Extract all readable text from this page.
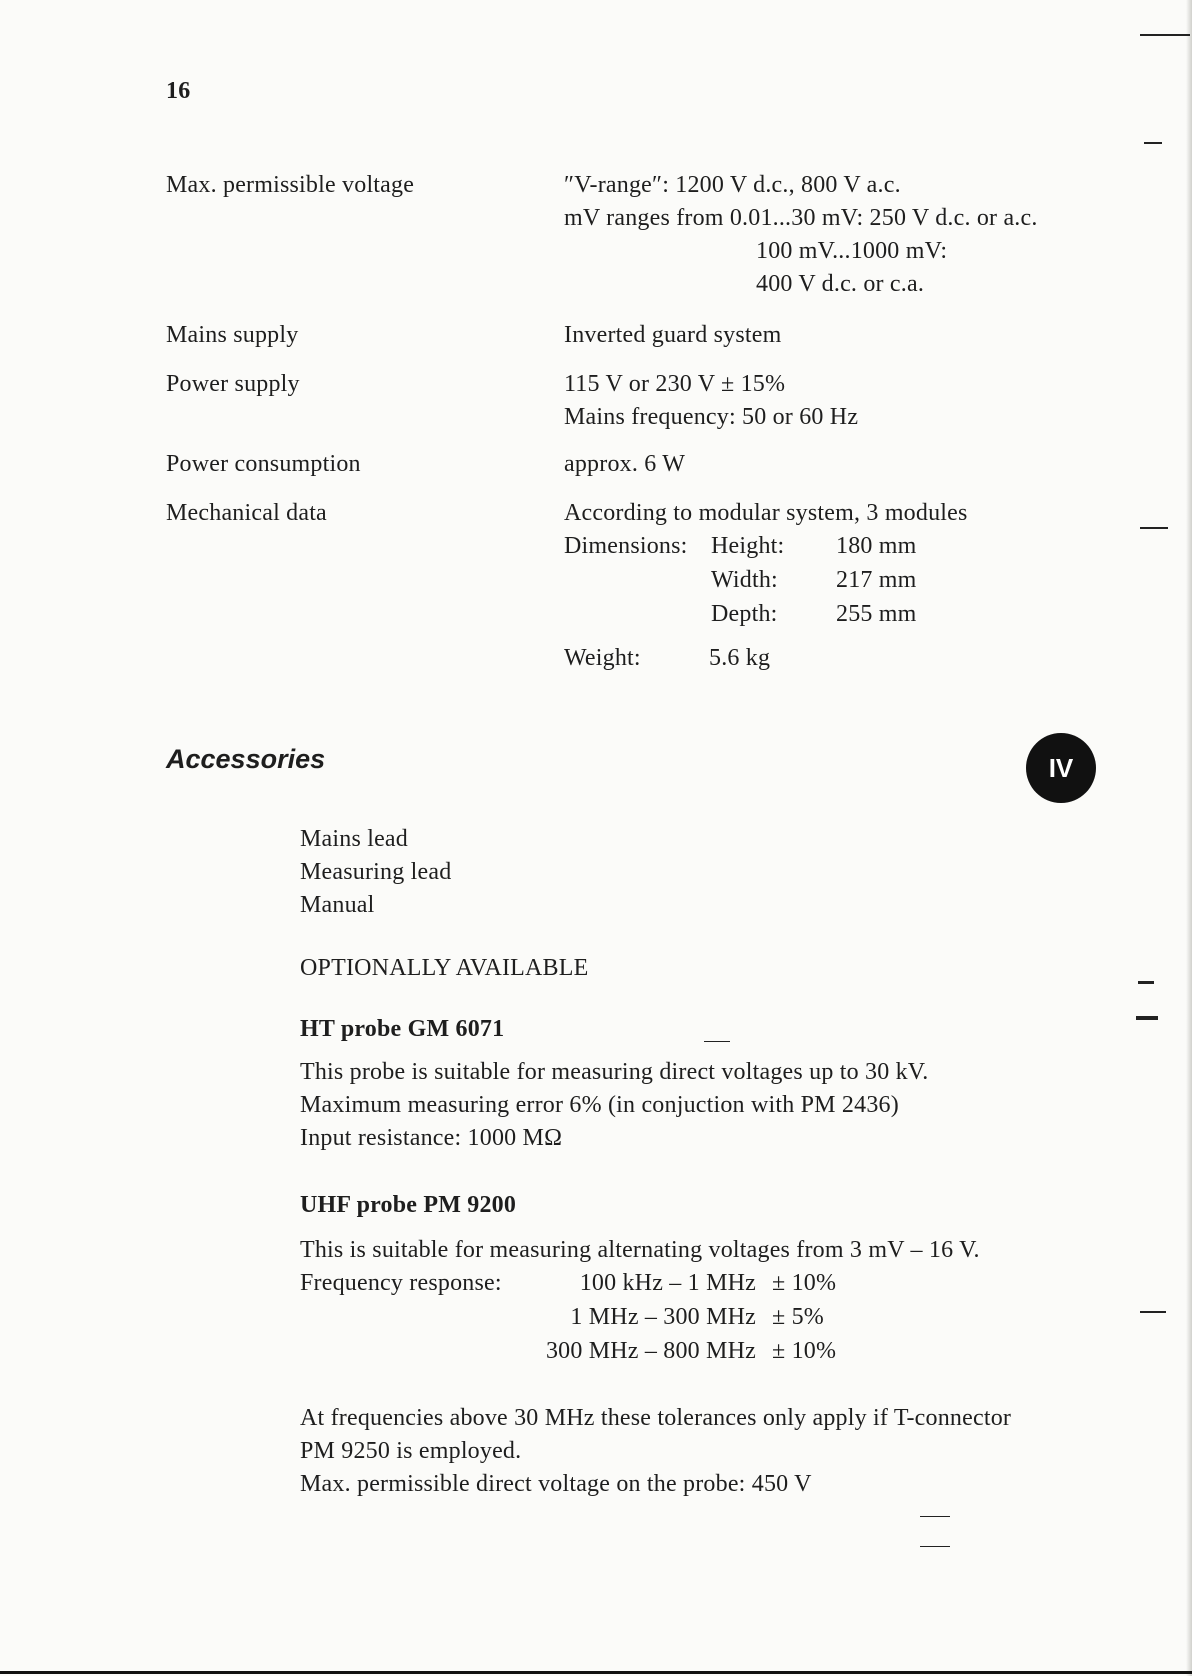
16
Max. permissible voltage	″V-range″: 1200 V d.c., 800 V a.c.
mV ranges from 0.01...30 mV: 250 V d.c. or a.c.
100 mV...1000 mV:
400 V d.c. or c.a.
Mains supply	Inverted guard system
Power supply	115 V or 230 V ± 15%
Mains frequency: 50 or 60 Hz
Power consumption	approx. 6 W
Mechanical data	According to modular system, 3 modules
Dimensions: Height: 180 mm
Width: 217 mm
Depth: 255 mm
Weight:	5.6 kg
Accessories	IV
Mains lead
Measuring lead
Manual
OPTIONALLY AVAILABLE
HT probe GM 6071
This probe is suitable for measuring direct voltages up to 30 kV.
Maximum measuring error 6% (in conjuction with PM 2436)
Input resistance: 1000 MΩ
UHF probe PM 9200
This is suitable for measuring alternating voltages from 3 mV – 16 V.
Frequency response:	100 kHz – 1 MHz ± 10%
1 MHz – 300 MHz ± 5%
300 MHz – 800 MHz ± 10%
At frequencies above 30 MHz these tolerances only apply if T-connector
PM 9250 is employed.
Max. permissible direct voltage on the probe: 450 V
